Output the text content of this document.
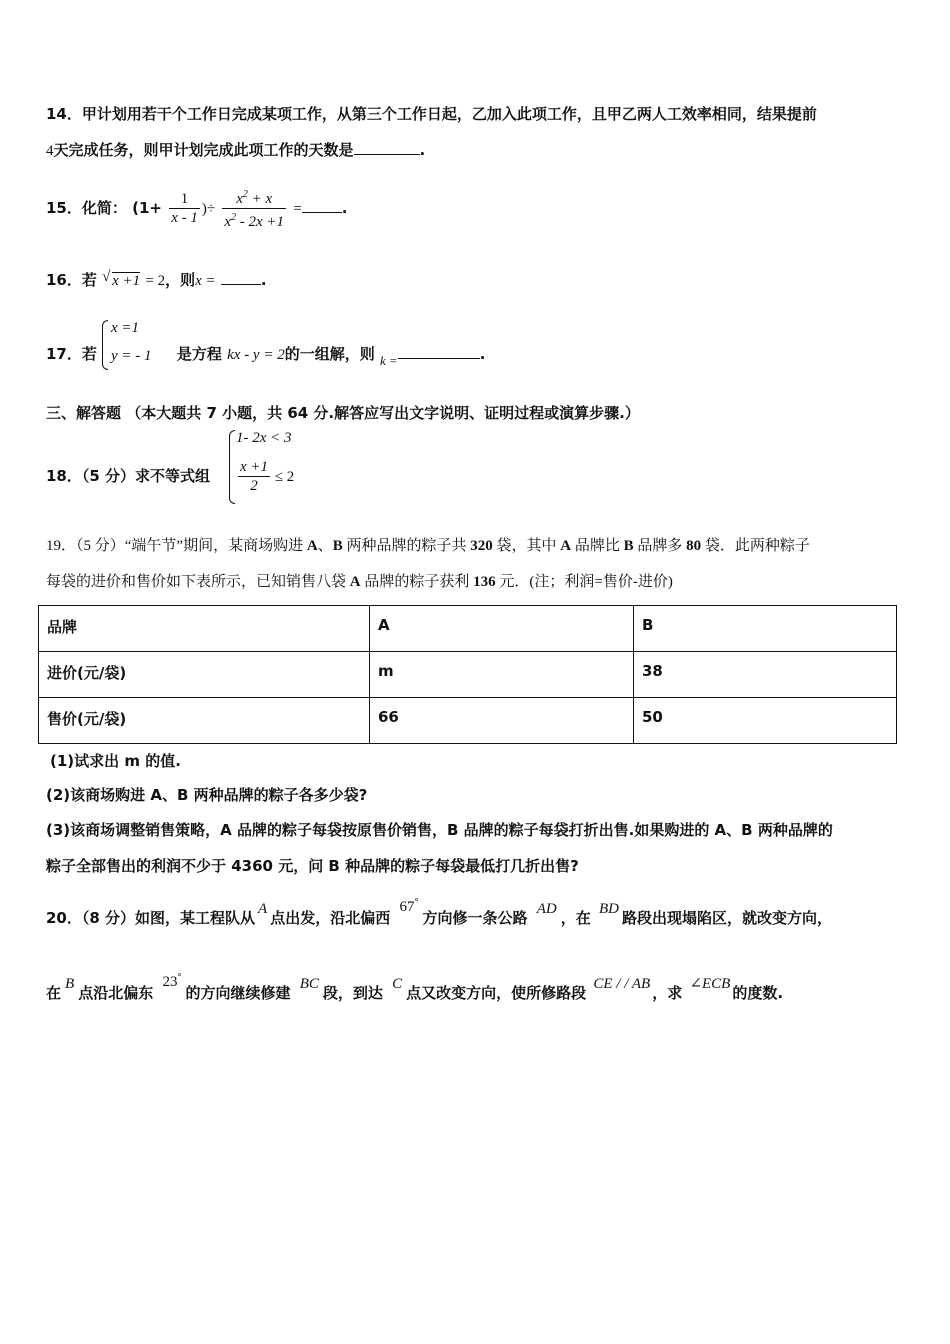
14．甲计划用若干个工作日完成某项工作，从第三个工作日起，乙加入此项工作，且甲乙两人工效率相同，结果提前
4天完成任务，则甲计划完成此项工作的天数是	.
15．化简： ($1+ \frac{1}{x - 1}$ )÷ $\frac{x^2 + x}{x^2 - 2x +1}$ =	.
16．若 √ x +1 = 2，则x =	.
x =1
y = - 1
17．若	是方程 kx - y = 2的一组解，则 k =	.
三、解答题 （本大题共 7 小题，共 64 分.解答应写出文字说明、证明过程或演算步骤.）
18．（5 分）求不等式组
1- 2x < 3
$\frac{x +1}{2} \le 2$
19．（5 分）“端午节”期间，某商场购进 A、B 两种品牌的粽子共 320 袋，其中 A 品牌比 B 品牌多 80 袋．此两种粽子
每袋的进价和售价如下表所示，已知销售八袋 A 品牌的粽子获利 136 元．(注；利润=售价-进价)
品牌	A	B
进价(元/袋)	m	38
售价(元/袋)	66	50
(1)试求出 m 的值.
(2)该商场购进 A、B 两种品牌的粽子各多少袋?
(3)该商场调整销售策略，A 品牌的粽子每袋按原售价销售，B 品牌的粽子每袋打折出售.如果购进的 A、B 两种品牌的
粽子全部售出的利润不少于 4360 元，问 B 种品牌的粽子每袋最低打几折出售?
20．（8 分）如图，某工程队从 A 点出发，沿北偏西 67°方向修一条公路 AD ，在 BD 路段出现塌陷区，就改变方向，
在 B 点沿北偏东 23°的方向继续修建 BC 段，到达 C 点又改变方向，使所修路段 CE / / AB ，求 ∠ECB 的度数.
